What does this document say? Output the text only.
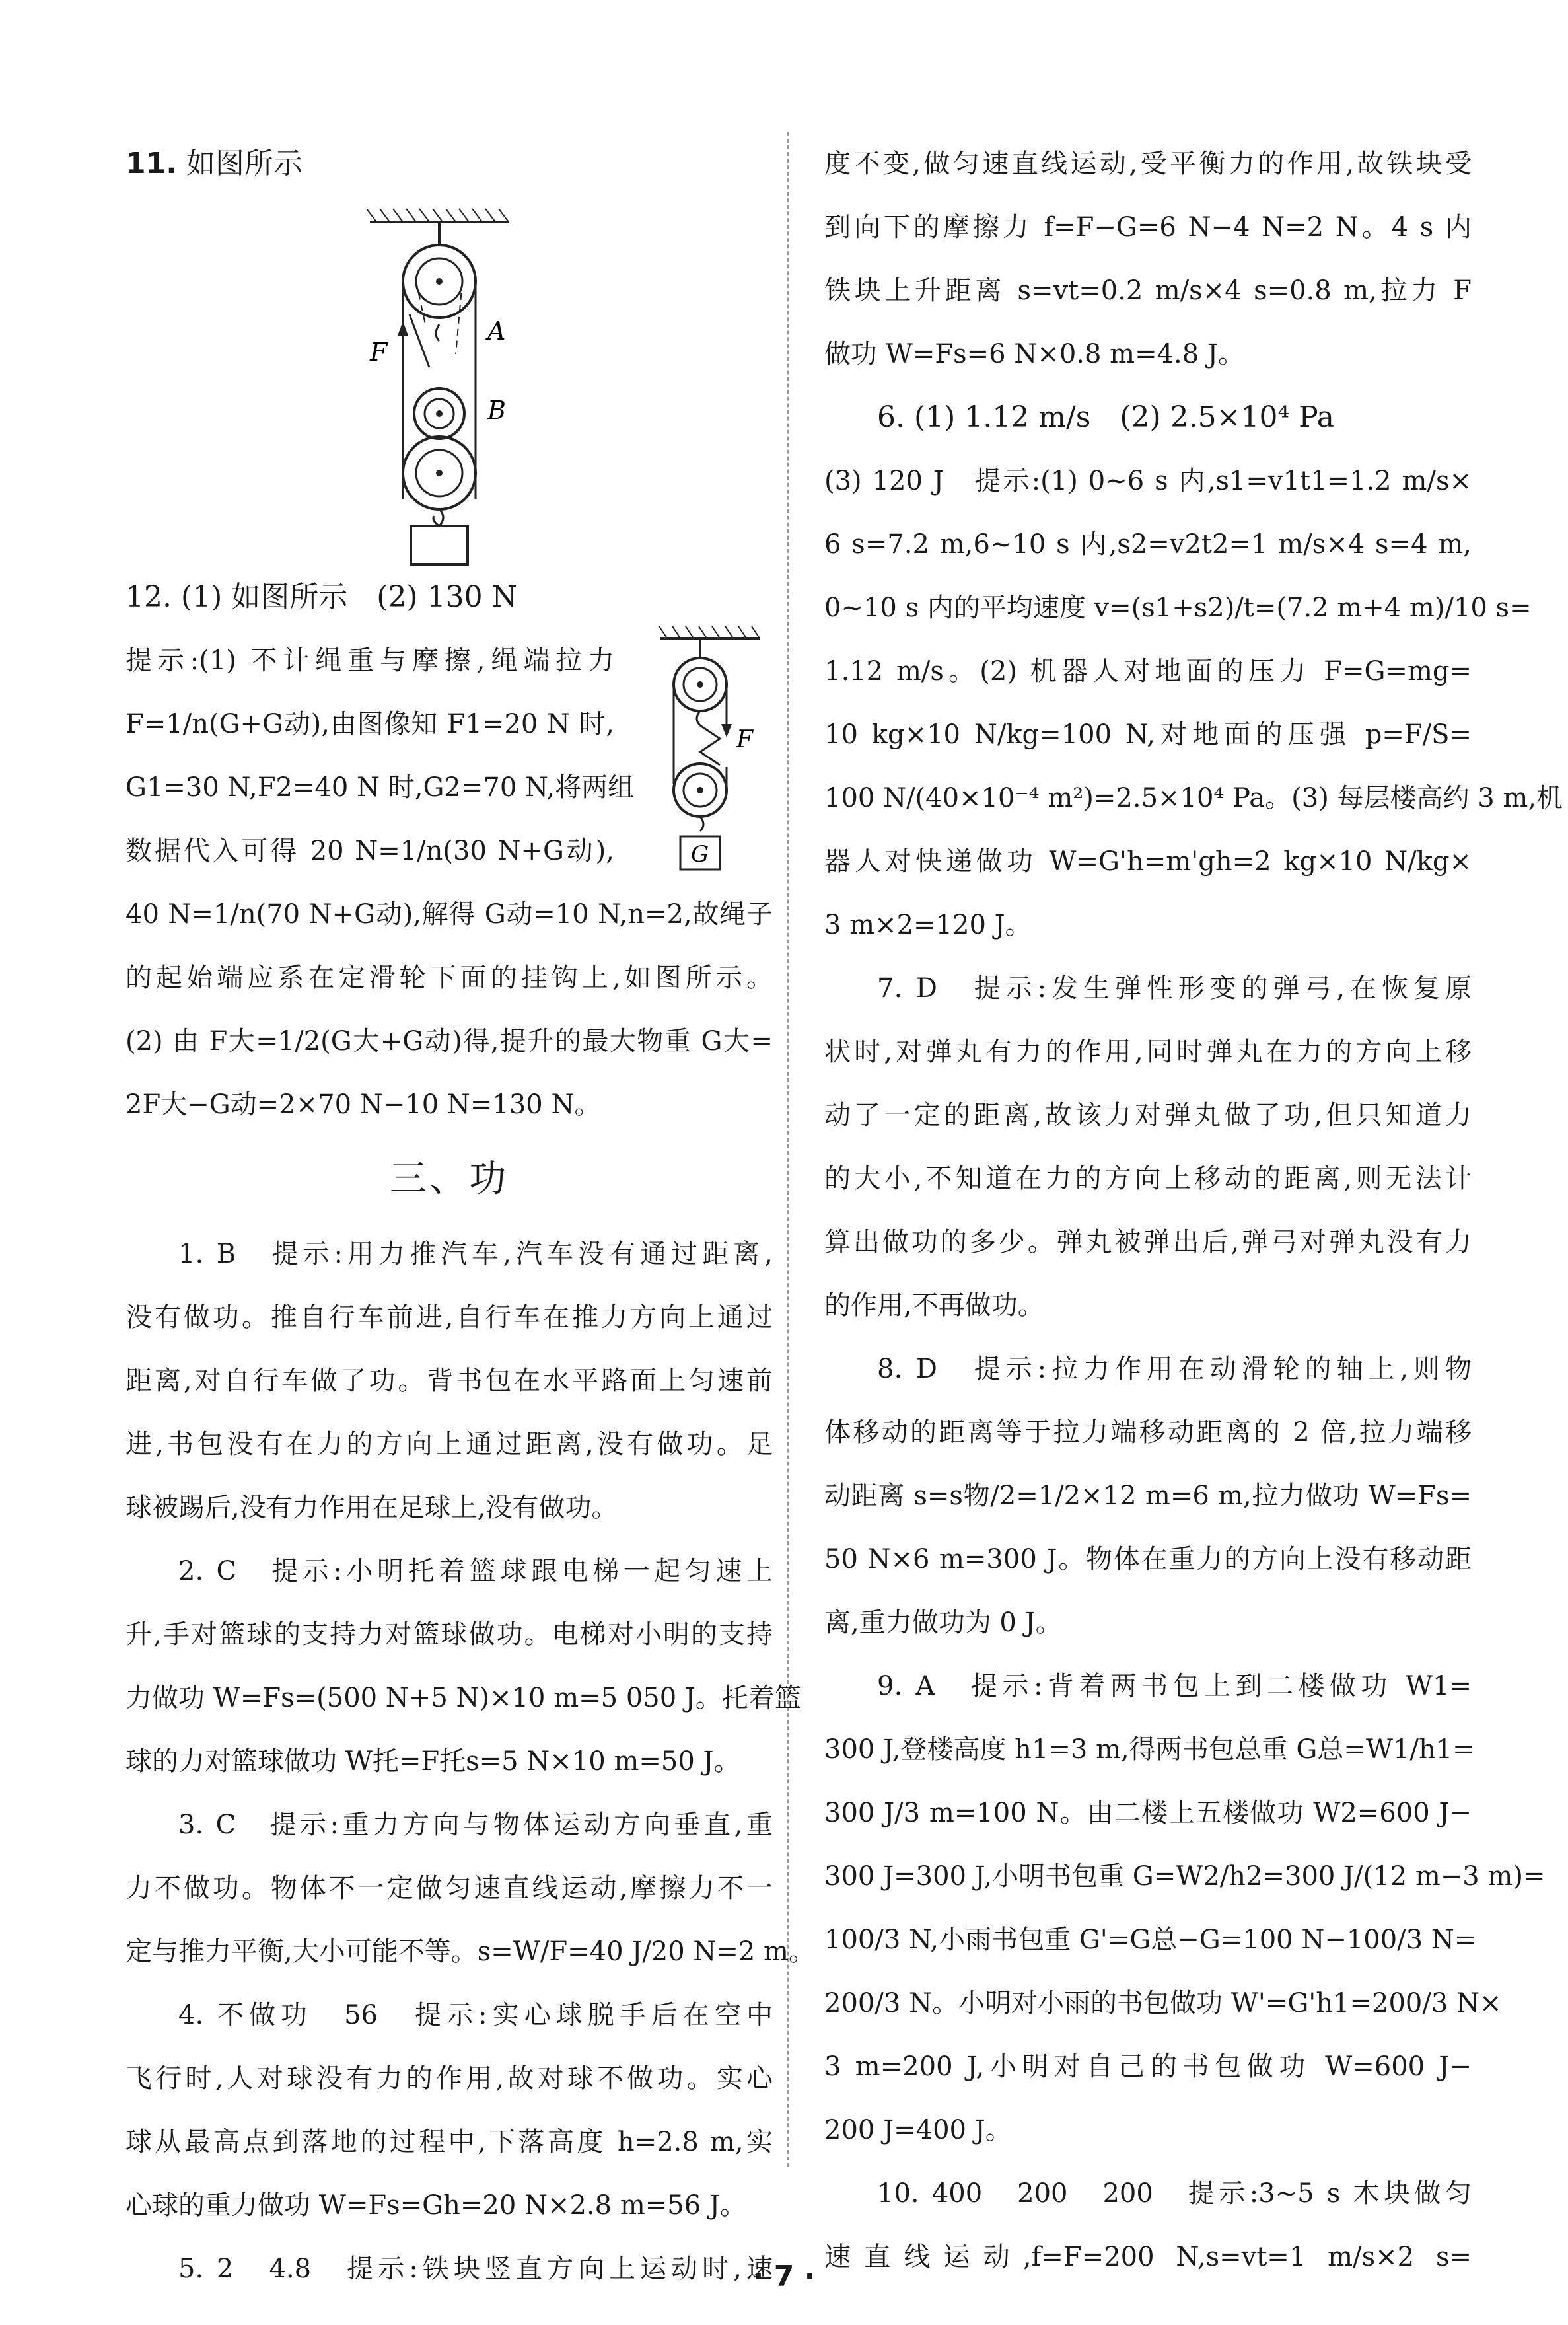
11. 如图所示
A
B
F
12. (1) 如图所示　(2) 130 N
提示:(1) 不计绳重与摩擦,绳端拉力
F=1/n(G+G动),由图像知 F1=20 N 时,
G1=30 N,F2=40 N 时,G2=70 N,将两组
数据代入可得 20 N=1/n(30 N+G动),
40 N=1/n(70 N+G动),解得 G动=10 N,n=2,故绳子
的起始端应系在定滑轮下面的挂钩上,如图所示。
(2) 由 F大=1/2(G大+G动)得,提升的最大物重 G大=
2F大−G动=2×70 N−10 N=130 N。
F
G
三、功
1. B　提示:用力推汽车,汽车没有通过距离,
没有做功。推自行车前进,自行车在推力方向上通过
距离,对自行车做了功。背书包在水平路面上匀速前
进,书包没有在力的方向上通过距离,没有做功。足
球被踢后,没有力作用在足球上,没有做功。
2. C　提示:小明托着篮球跟电梯一起匀速上
升,手对篮球的支持力对篮球做功。电梯对小明的支持
力做功 W=Fs=(500 N+5 N)×10 m=5 050 J。托着篮
球的力对篮球做功 W托=F托s=5 N×10 m=50 J。
3. C　提示:重力方向与物体运动方向垂直,重
力不做功。物体不一定做匀速直线运动,摩擦力不一
定与推力平衡,大小可能不等。s=W/F=40 J/20 N=2 m。
4. 不做功　56　提示:实心球脱手后在空中
飞行时,人对球没有力的作用,故对球不做功。实心
球从最高点到落地的过程中,下落高度 h=2.8 m,实
心球的重力做功 W=Fs=Gh=20 N×2.8 m=56 J。
5. 2　4.8　提示:铁块竖直方向上运动时,速
度不变,做匀速直线运动,受平衡力的作用,故铁块受
到向下的摩擦力 f=F−G=6 N−4 N=2 N。4 s 内
铁块上升距离 s=vt=0.2 m/s×4 s=0.8 m,拉力 F
做功 W=Fs=6 N×0.8 m=4.8 J。
6. (1) 1.12 m/s　(2) 2.5×10⁴ Pa
(3) 120 J　提示:(1) 0~6 s 内,s1=v1t1=1.2 m/s×
6 s=7.2 m,6~10 s 内,s2=v2t2=1 m/s×4 s=4 m,
0~10 s 内的平均速度 v=(s1+s2)/t=(7.2 m+4 m)/10 s=
1.12 m/s。(2) 机器人对地面的压力 F=G=mg=
10 kg×10 N/kg=100 N,对地面的压强 p=F/S=
100 N/(40×10⁻⁴ m²)=2.5×10⁴ Pa。(3) 每层楼高约 3 m,机
器人对快递做功 W=G'h=m'gh=2 kg×10 N/kg×
3 m×2=120 J。
7. D　提示:发生弹性形变的弹弓,在恢复原
状时,对弹丸有力的作用,同时弹丸在力的方向上移
动了一定的距离,故该力对弹丸做了功,但只知道力
的大小,不知道在力的方向上移动的距离,则无法计
算出做功的多少。弹丸被弹出后,弹弓对弹丸没有力
的作用,不再做功。
8. D　提示:拉力作用在动滑轮的轴上,则物
体移动的距离等于拉力端移动距离的 2 倍,拉力端移
动距离 s=s物/2=1/2×12 m=6 m,拉力做功 W=Fs=
50 N×6 m=300 J。物体在重力的方向上没有移动距
离,重力做功为 0 J。
9. A　提示:背着两书包上到二楼做功 W1=
300 J,登楼高度 h1=3 m,得两书包总重 G总=W1/h1=
300 J/3 m=100 N。由二楼上五楼做功 W2=600 J−
300 J=300 J,小明书包重 G=W2/h2=300 J/(12 m−3 m)=
100/3 N,小雨书包重 G'=G总−G=100 N−100/3 N=
200/3 N。小明对小雨的书包做功 W'=G'h1=200/3 N×
3 m=200 J,小明对自己的书包做功 W=600 J−
200 J=400 J。
10. 400　200　200　提示:3~5 s 木块做匀
速直线运动,f=F=200 N,s=vt=1 m/s×2 s=
· 7 ·
